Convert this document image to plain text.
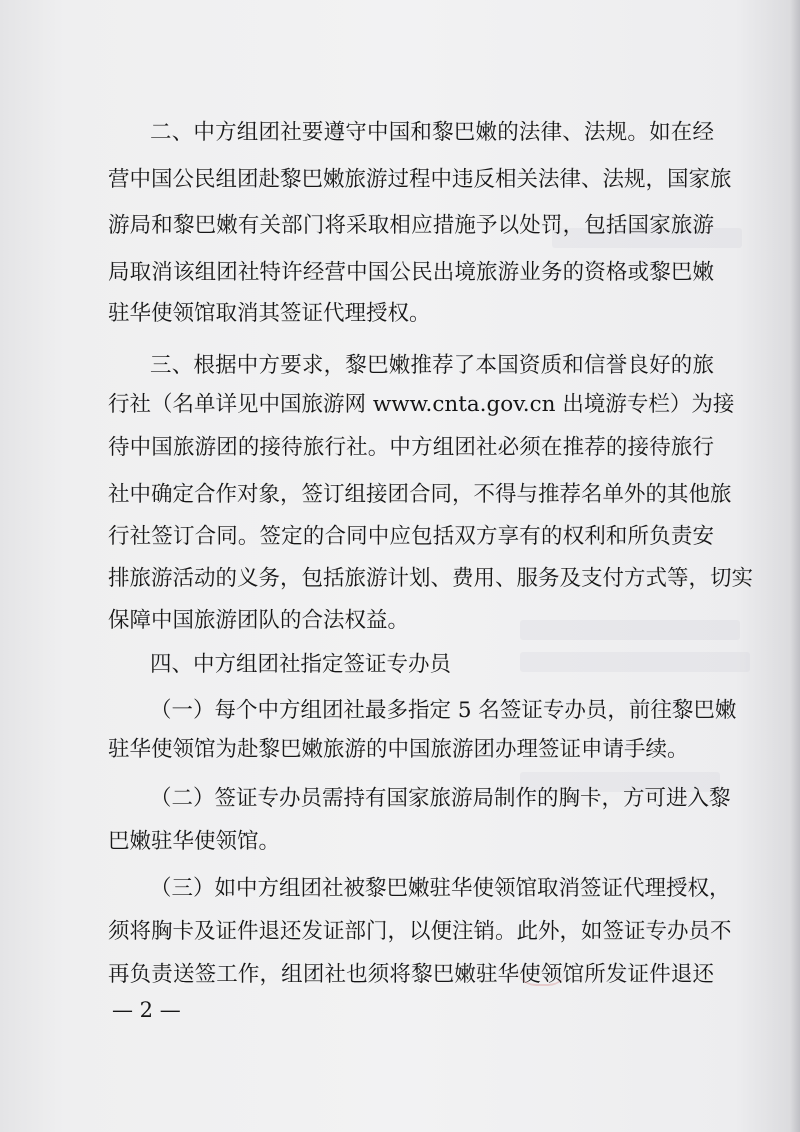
二、中方组团社要遵守中国和黎巴嫩的法律、法规。如在经
营中国公民组团赴黎巴嫩旅游过程中违反相关法律、法规，国家旅
游局和黎巴嫩有关部门将采取相应措施予以处罚，包括国家旅游
局取消该组团社特许经营中国公民出境旅游业务的资格或黎巴嫩
驻华使领馆取消其签证代理授权。
三、根据中方要求，黎巴嫩推荐了本国资质和信誉良好的旅
行社（名单详见中国旅游网 www.cnta.gov.cn 出境游专栏）为接
待中国旅游团的接待旅行社。中方组团社必须在推荐的接待旅行
社中确定合作对象，签订组接团合同，不得与推荐名单外的其他旅
行社签订合同。签定的合同中应包括双方享有的权利和所负责安
排旅游活动的义务，包括旅游计划、费用、服务及支付方式等，切实
保障中国旅游团队的合法权益。
四、中方组团社指定签证专办员
（一）每个中方组团社最多指定 5 名签证专办员，前往黎巴嫩
驻华使领馆为赴黎巴嫩旅游的中国旅游团办理签证申请手续。
（二）签证专办员需持有国家旅游局制作的胸卡，方可进入黎
巴嫩驻华使领馆。
（三）如中方组团社被黎巴嫩驻华使领馆取消签证代理授权，
须将胸卡及证件退还发证部门，以便注销。此外，如签证专办员不
再负责送签工作，组团社也须将黎巴嫩驻华使领馆所发证件退还
— 2 —
